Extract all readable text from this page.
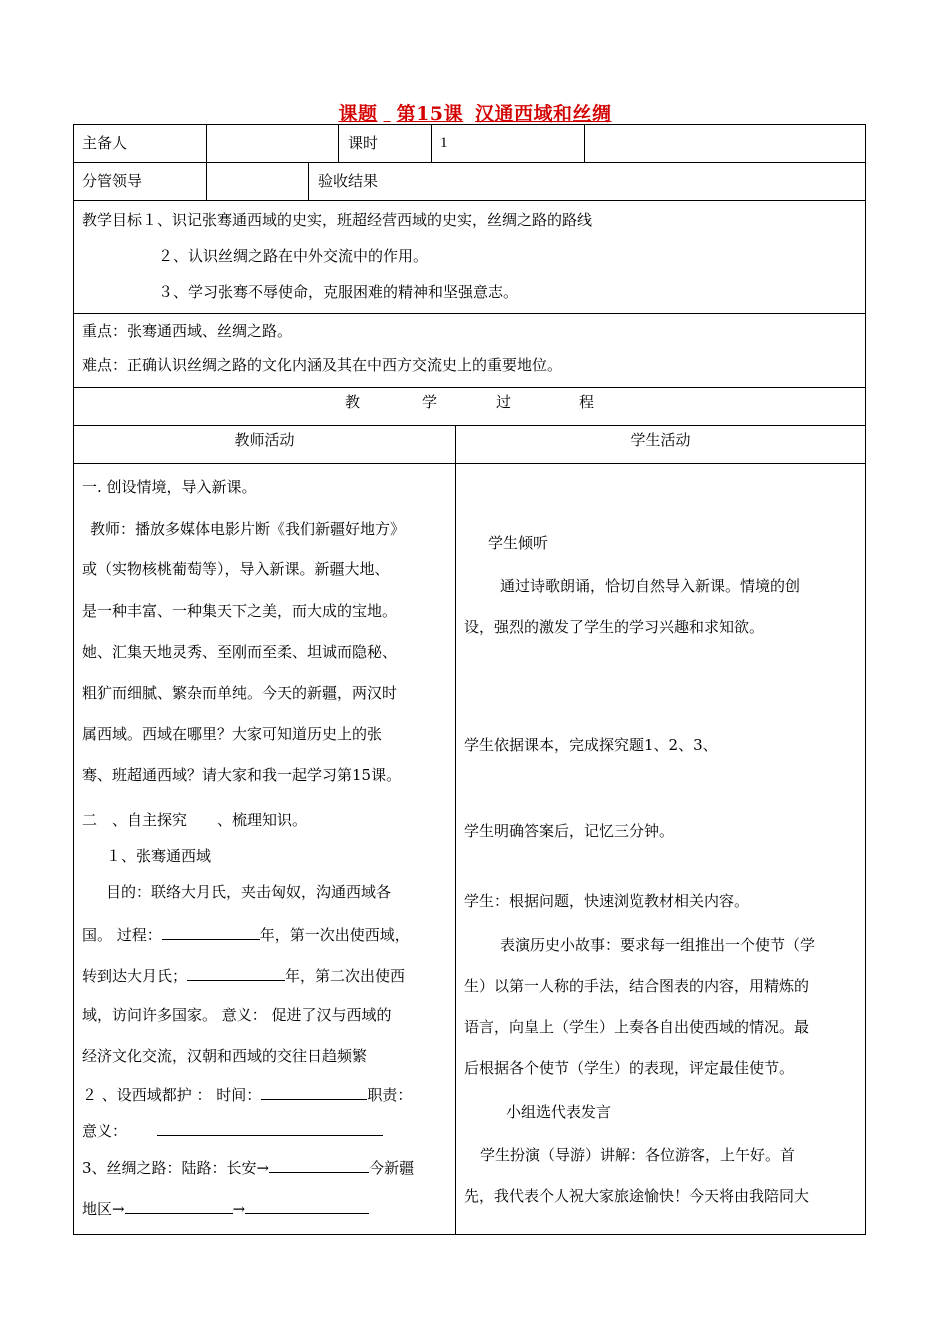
课题 第15课 汉通西域和丝绸
主备人	课时	1
分管领导	验收结果
教学目标１、识记张骞通西域的史实，班超经营西域的史实，丝绸之路的路线
２、认识丝绸之路在中外交流中的作用。
３、学习张骞不辱使命，克服困难的精神和坚强意志。
重点：张骞通西域、丝绸之路。
难点：正确认识丝绸之路的文化内涵及其在中西方交流史上的重要地位。
教	学	过	程
教师活动	学生活动
一. 创设情境，导入新课。
教师：播放多媒体电影片断《我们新疆好地方》
或（实物核桃葡萄等），导入新课。新疆大地、
是一种丰富、一种集天下之美，而大成的宝地。
她、汇集天地灵秀、至刚而至柔、坦诚而隐秘、
粗犷而细腻、繁杂而单纯。今天的新疆，两汉时
属西域。西域在哪里？大家可知道历史上的张
骞、班超通西域？请大家和我一起学习第15课。
二　、自主探究　　、梳理知识。
１、张骞通西域
目的：联络大月氏，夹击匈奴，沟通西域各
国。 过程：	年，第一次出使西域，
转到达大月氏；	年，第二次出使西
域，访问许多国家。 意义： 促进了汉与西域的
经济文化交流，汉朝和西域的交往日趋频繁
２ 、设西域都护 ： 时间：	职责：
意义：
3、丝绸之路：陆路：长安→	今新疆
地区→	→
学生倾听
通过诗歌朗诵，恰切自然导入新课。情境的创
设，强烈的激发了学生的学习兴趣和求知欲。
学生依据课本，完成探究题1、2、3、
学生明确答案后，记忆三分钟。
学生：根据问题，快速浏览教材相关内容。
表演历史小故事：要求每一组推出一个使节（学
生）以第一人称的手法，结合图表的内容，用精炼的
语言，向皇上（学生）上奏各自出使西域的情况。最
后根据各个使节（学生）的表现，评定最佳使节。
小组选代表发言
学生扮演（导游）讲解：各位游客，上午好。首
先，我代表个人祝大家旅途愉快！今天将由我陪同大
